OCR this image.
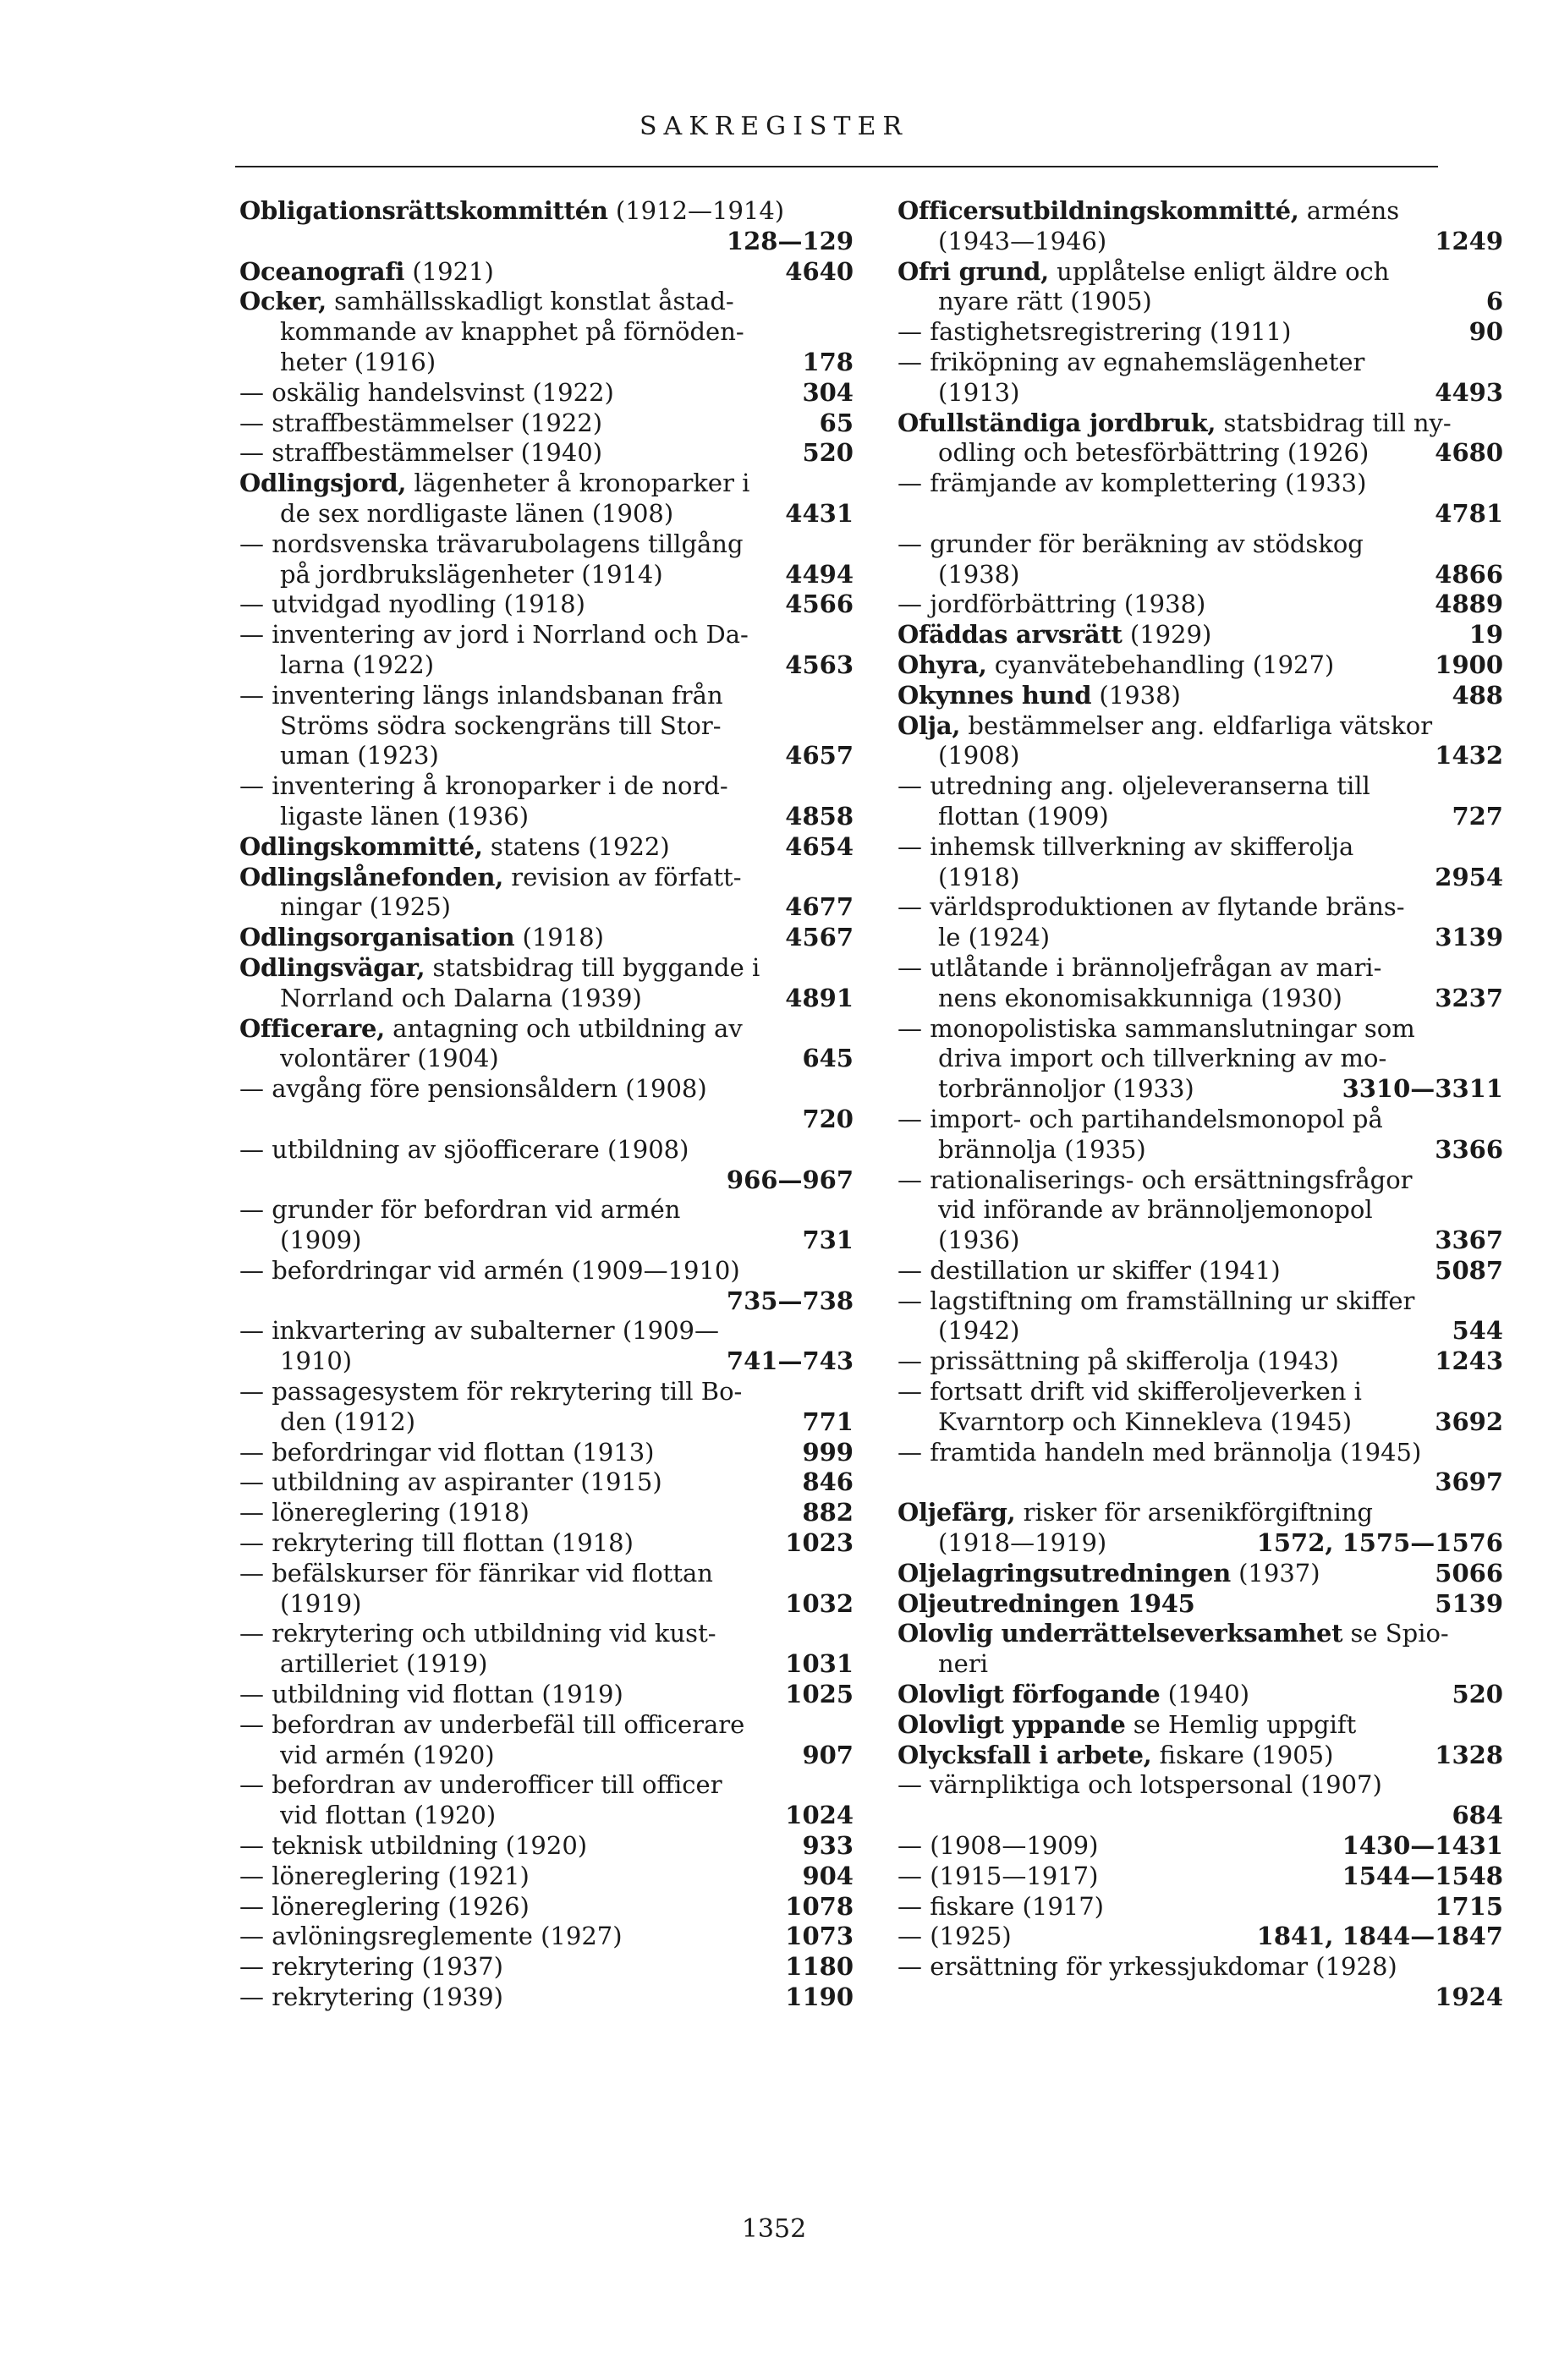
SAKREGISTER
Obligationsrättskommittén (1912—1914)
128—129
Oceanografi (1921)	4640
Ocker, samhällsskadligt konstlat åstad-
kommande av knapphet på förnöden-
heter (1916)	178
— oskälig handelsvinst (1922)	304
— straffbestämmelser (1922)	65
— straffbestämmelser (1940)	520
Odlingsjord, lägenheter å kronoparker i
de sex nordligaste länen (1908)	4431
— nordsvenska trävarubolagens tillgång
på jordbrukslägenheter (1914)	4494
— utvidgad nyodling (1918)	4566
— inventering av jord i Norrland och Da-
larna (1922)	4563
— inventering längs inlandsbanan från
Ströms södra sockengräns till Stor-
uman (1923)	4657
— inventering å kronoparker i de nord-
ligaste länen (1936)	4858
Odlingskommitté, statens (1922)	4654
Odlingslånefonden, revision av författ-
ningar (1925)	4677
Odlingsorganisation (1918)	4567
Odlingsvägar, statsbidrag till byggande i
Norrland och Dalarna (1939)	4891
Officerare, antagning och utbildning av
volontärer (1904)	645
— avgång före pensionsåldern (1908)
720
— utbildning av sjöofficerare (1908)
966—967
— grunder för befordran vid armén
(1909)	731
— befordringar vid armén (1909—1910)
735—738
— inkvartering av subalterner (1909—
1910)	741—743
— passagesystem för rekrytering till Bo-
den (1912)	771
— befordringar vid flottan (1913)	999
— utbildning av aspiranter (1915)	846
— lönereglering (1918)	882
— rekrytering till flottan (1918)	1023
— befälskurser för fänrikar vid flottan
(1919)	1032
— rekrytering och utbildning vid kust-
artilleriet (1919)	1031
— utbildning vid flottan (1919)	1025
— befordran av underbefäl till officerare
vid armén (1920)	907
— befordran av underofficer till officer
vid flottan (1920)	1024
— teknisk utbildning (1920)	933
— lönereglering (1921)	904
— lönereglering (1926)	1078
— avlöningsreglemente (1927)	1073
— rekrytering (1937)	1180
— rekrytering (1939)	1190
Officersutbildningskommitté, arméns
(1943—1946)	1249
Ofri grund, upplåtelse enligt äldre och
nyare rätt (1905)	6
— fastighetsregistrering (1911)	90
— friköpning av egnahemslägenheter
(1913)	4493
Ofullständiga jordbruk, statsbidrag till ny-
odling och betesförbättring (1926)	4680
— främjande av komplettering (1933)
4781
— grunder för beräkning av stödskog
(1938)	4866
— jordförbättring (1938)	4889
Ofäddas arvsrätt (1929)	19
Ohyra, cyanvätebehandling (1927)	1900
Okynnes hund (1938)	488
Olja, bestämmelser ang. eldfarliga vätskor
(1908)	1432
— utredning ang. oljeleveranserna till
flottan (1909)	727
— inhemsk tillverkning av skifferolja
(1918)	2954
— världsproduktionen av flytande bräns-
le (1924)	3139
— utlåtande i brännoljefrågan av mari-
nens ekonomisakkunniga (1930)	3237
— monopolistiska sammanslutningar som
driva import och tillverkning av mo-
torbrännoljor (1933)	3310—3311
— import- och partihandelsmonopol på
brännolja (1935)	3366
— rationaliserings- och ersättningsfrågor
vid införande av brännoljemonopol
(1936)	3367
— destillation ur skiffer (1941)	5087
— lagstiftning om framställning ur skiffer
(1942)	544
— prissättning på skifferolja (1943)	1243
— fortsatt drift vid skifferoljeverken i
Kvarntorp och Kinnekleva (1945)	3692
— framtida handeln med brännolja (1945)
3697
Oljefärg, risker för arsenikförgiftning
(1918—1919)	1572, 1575—1576
Oljelagringsutredningen (1937)	5066
Oljeutredningen 1945	5139
Olovlig underrättelseverksamhet se Spio-
neri
Olovligt förfogande (1940)	520
Olovligt yppande se Hemlig uppgift
Olycksfall i arbete, fiskare (1905)	1328
— värnpliktiga och lotspersonal (1907)
684
— (1908—1909)	1430—1431
— (1915—1917)	1544—1548
— fiskare (1917)	1715
— (1925)	1841, 1844—1847
— ersättning för yrkessjukdomar (1928)
1924
1352
